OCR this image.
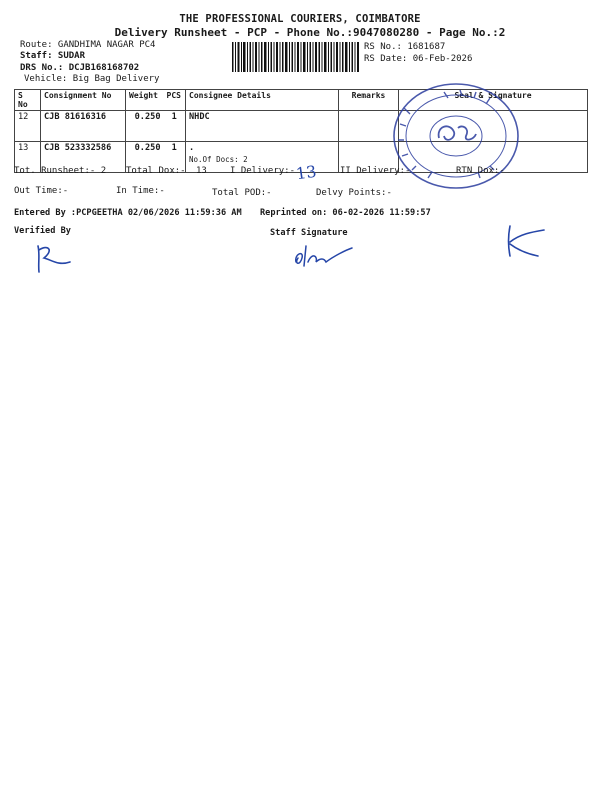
THE PROFESSIONAL COURIERS, COIMBATORE
Delivery Runsheet - PCP - Phone No.:9047080280 - Page No.:2
Route: GANDHIMA NAGAR PC4
Staff: SUDAR
DRS No.: DCJB168168702
Vehicle: Big Bag Delivery
RS No.: 1681687
RS Date: 06-Feb-2026
S No	Consignment No	Weight	PCS	Consignee Details	Remarks	Seal & Signature
12	CJB 81616316	0.250	1	NHDC		
13	CJB 523332586	0.250	1	.
No.Of Docs: 2		

Tot. Runsheet:- 2 Total Dox:- 13	I Delivery:- 13 II Delivery:-	RTN Dox:-
Out Time:-	In Time:-	Total POD:-	Delvy Points:-
Entered By :PCPGEETHA 02/06/2026 11:59:36 AM Reprinted on: 06-02-2026 11:59:57
Verified By	Staff Signature
